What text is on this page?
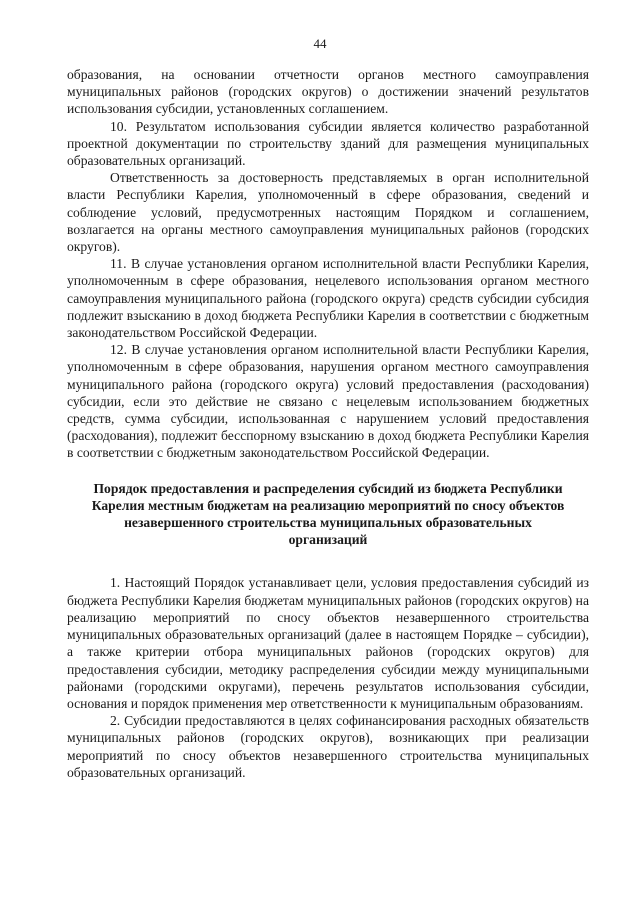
44

образования, на основании отчетности органов местного самоуправления муниципальных районов (городских округов) о достижении значений результатов использования субсидии, установленных соглашением.

10. Результатом использования субсидии является количество разработанной проектной документации по строительству зданий для размещения муниципальных образовательных организаций.

Ответственность за достоверность представляемых в орган исполнительной власти Республики Карелия, уполномоченный в сфере образования, сведений и соблюдение условий, предусмотренных настоящим Порядком и соглашением, возлагается на органы местного самоуправления муниципальных районов (городских округов).

11. В случае установления органом исполнительной власти Республики Карелия, уполномоченным в сфере образования, нецелевого использования органом местного самоуправления муниципального района (городского округа) средств субсидии субсидия подлежит взысканию в доход бюджета Республики Карелия в соответствии с бюджетным законодательством Российской Федерации.

12. В случае установления органом исполнительной власти Республики Карелия, уполномоченным в сфере образования, нарушения органом местного самоуправления муниципального района (городского округа) условий предоставления (расходования) субсидии, если это действие не связано с нецелевым использованием бюджетных средств, сумма субсидии, использованная с нарушением условий предоставления (расходования), подлежит бесспорному взысканию в доход бюджета Республики Карелия в соответствии с бюджетным законодательством Российской Федерации.

Порядок предоставления и распределения субсидий из бюджета Республики Карелия местным бюджетам на реализацию мероприятий по сносу объектов незавершенного строительства муниципальных образовательных организаций

1. Настоящий Порядок устанавливает цели, условия предоставления субсидий из бюджета Республики Карелия бюджетам муниципальных районов (городских округов) на реализацию мероприятий по сносу объектов незавершенного строительства муниципальных образовательных организаций (далее в настоящем Порядке – субсидии), а также критерии отбора муниципальных районов (городских округов) для предоставления субсидии, методику распределения субсидии между муниципальными районами (городскими округами), перечень результатов использования субсидии, основания и порядок применения мер ответственности к муниципальным образованиям.

2. Субсидии предоставляются в целях софинансирования расходных обязательств муниципальных районов (городских округов), возникающих при реализации мероприятий по сносу объектов незавершенного строительства муниципальных образовательных организаций.
